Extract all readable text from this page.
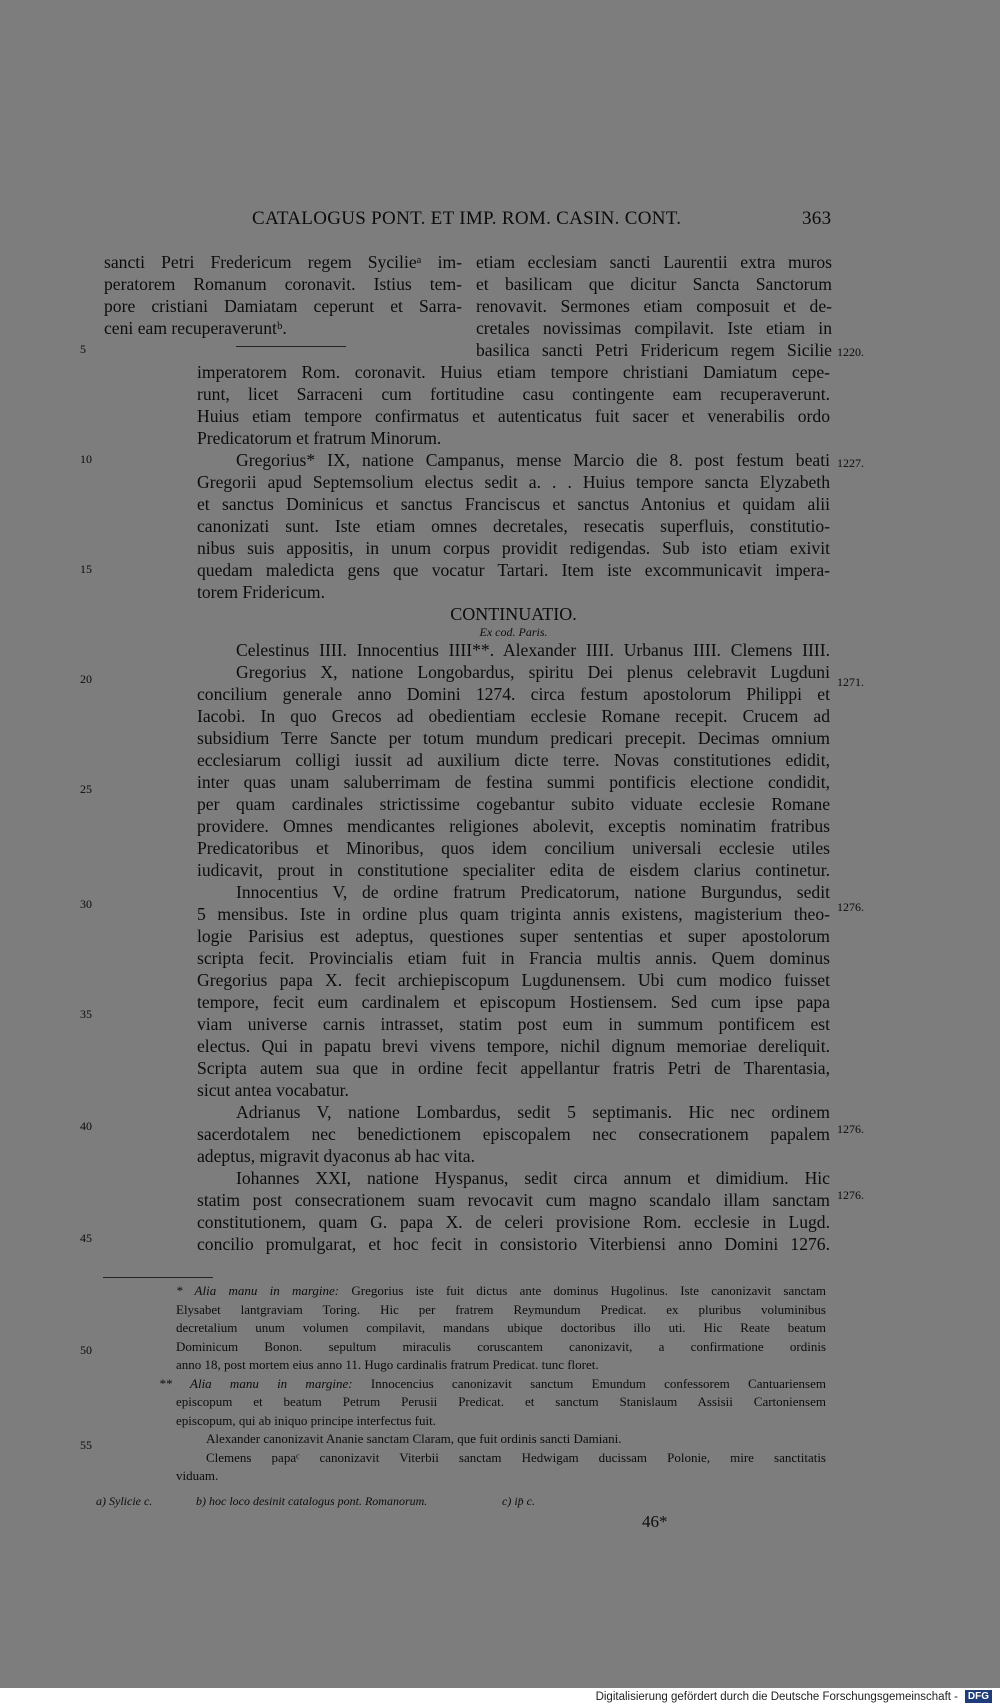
CATALOGUS PONT. ET IMP. ROM. CASIN. CONT.	363
sancti Petri Fredericum regem Sycilieᵃ im-
peratorem Romanum coronavit. Istius tem-
pore cristiani Damiatam ceperunt et Sarra-
ceni eam recuperaveruntᵇ.
etiam ecclesiam sancti Laurentii extra muros
et basilicam que dicitur Sancta Sanctorum
renovavit. Sermones etiam composuit et de-
cretales novissimas compilavit. Iste etiam in
basilica sancti Petri Fridericum regem Sicilie
imperatorem Rom. coronavit. Huius etiam tempore christiani Damiatum cepe-
runt, licet Sarraceni cum fortitudine casu contingente eam recuperaverunt.
Huius etiam tempore confirmatus et autenticatus fuit sacer et venerabilis ordo
Predicatorum et fratrum Minorum.
Gregorius* IX, natione Campanus, mense Marcio die 8. post festum beati
Gregorii apud Septemsolium electus sedit a. . . Huius tempore sancta Elyzabeth
et sanctus Dominicus et sanctus Franciscus et sanctus Antonius et quidam alii
canonizati sunt. Iste etiam omnes decretales, resecatis superfluis, constitutio-
nibus suis appositis, in unum corpus providit redigendas. Sub isto etiam exivit
quedam maledicta gens que vocatur Tartari. Item iste excommunicavit impera-
torem Fridericum.
CONTINUATIO.
Ex cod. Paris.
Celestinus IIII. Innocentius IIII**. Alexander IIII. Urbanus IIII. Clemens IIII.
Gregorius X, natione Longobardus, spiritu Dei plenus celebravit Lugduni
concilium generale anno Domini 1274. circa festum apostolorum Philippi et
Iacobi. In quo Grecos ad obedientiam ecclesie Romane recepit. Crucem ad
subsidium Terre Sancte per totum mundum predicari precepit. Decimas omnium
ecclesiarum colligi iussit ad auxilium dicte terre. Novas constitutiones edidit,
inter quas unam saluberrimam de festina summi pontificis electione condidit,
per quam cardinales strictissime cogebantur subito viduate ecclesie Romane
providere. Omnes mendicantes religiones abolevit, exceptis nominatim fratribus
Predicatoribus et Minoribus, quos idem concilium universali ecclesie utiles
iudicavit, prout in constitutione specialiter edita de eisdem clarius continetur.
Innocentius V, de ordine fratrum Predicatorum, natione Burgundus, sedit
5 mensibus. Iste in ordine plus quam triginta annis existens, magisterium theo-
logie Parisius est adeptus, questiones super sententias et super apostolorum
scripta fecit. Provincialis etiam fuit in Francia multis annis. Quem dominus
Gregorius papa X. fecit archiepiscopum Lugdunensem. Ubi cum modico fuisset
tempore, fecit eum cardinalem et episcopum Hostiensem. Sed cum ipse papa
viam universe carnis intrasset, statim post eum in summum pontificem est
electus. Qui in papatu brevi vivens tempore, nichil dignum memoriae dereliquit.
Scripta autem sua que in ordine fecit appellantur fratris Petri de Tharentasia,
sicut antea vocabatur.
Adrianus V, natione Lombardus, sedit 5 septimanis. Hic nec ordinem
sacerdotalem nec benedictionem episcopalem nec consecrationem papalem
adeptus, migravit dyaconus ab hac vita.
Iohannes XXI, natione Hyspanus, sedit circa annum et dimidium. Hic
statim post consecrationem suam revocavit cum magno scandalo illam sanctam
constitutionem, quam G. papa X. de celeri provisione Rom. ecclesie in Lugd.
concilio promulgarat, et hoc fecit in consistorio Viterbiensi anno Domini 1276.
5
10
15
20
25
30
35
40
45
50
55
1220.
1227.
1271.
1276.
1276.
1276.
* Alia manu in margine: Gregorius iste fuit dictus ante dominus Hugolinus. Iste canonizavit sanctam
Elysabet lantgraviam Toring. Hic per fratrem Reymundum Predicat. ex pluribus voluminibus
decretalium unum volumen compilavit, mandans ubique doctoribus illo uti. Hic Reate beatum
Dominicum Bonon. sepultum miraculis coruscantem canonizavit, a confirmatione ordinis
anno 18, post mortem eius anno 11. Hugo cardinalis fratrum Predicat. tunc floret.
** Alia manu in margine: Innocencius canonizavit sanctum Emundum confessorem Cantuariensem
episcopum et beatum Petrum Perusii Predicat. et sanctum Stanislaum Assisii Cartoniensem
episcopum, qui ab iniquo principe interfectus fuit.
Alexander canonizavit Ananie sanctam Claram, que fuit ordinis sancti Damiani.
Clemens papaᶜ canonizavit Viterbii sanctam Hedwigam ducissam Polonie, mire sanctitatis
viduam.
a) Sylicie c.	b) hoc loco desinit catalogus pont. Romanorum.	c) ip̄ c.
46*
Digitalisierung gefördert durch die Deutsche Forschungsgemeinschaft - DFG
